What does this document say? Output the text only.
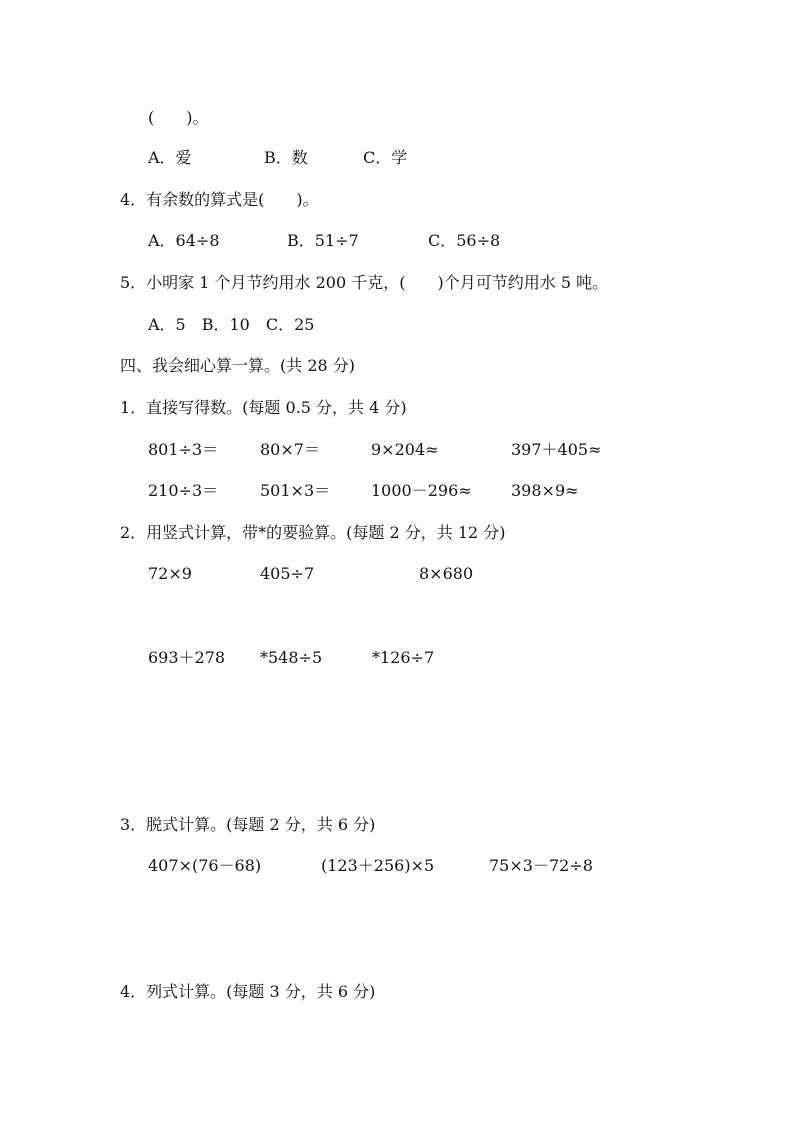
(　　)。
A．爱	B．数	C．学
4．有余数的算式是(　　)。
A．64÷8	B．51÷7	C．56÷8
5．小明家 1 个月节约用水 200 千克，(　　)个月可节约用水 5 吨。
A．5　B．10　C．25
四、我会细心算一算。(共 28 分)
1．直接写得数。(每题 0.5 分，共 4 分)
801÷3＝	80×7＝	9×204≈	397＋405≈
210÷3＝	501×3＝	1000－296≈ 398×9≈
2．用竖式计算，带*的要验算。(每题 2 分，共 12 分)
72×9	405÷7	8×680
693＋278 *548÷5	*126÷7
3．脱式计算。(每题 2 分，共 6 分)
407×(76－68)	(123＋256)×5	75×3－72÷8
4．列式计算。(每题 3 分，共 6 分)
